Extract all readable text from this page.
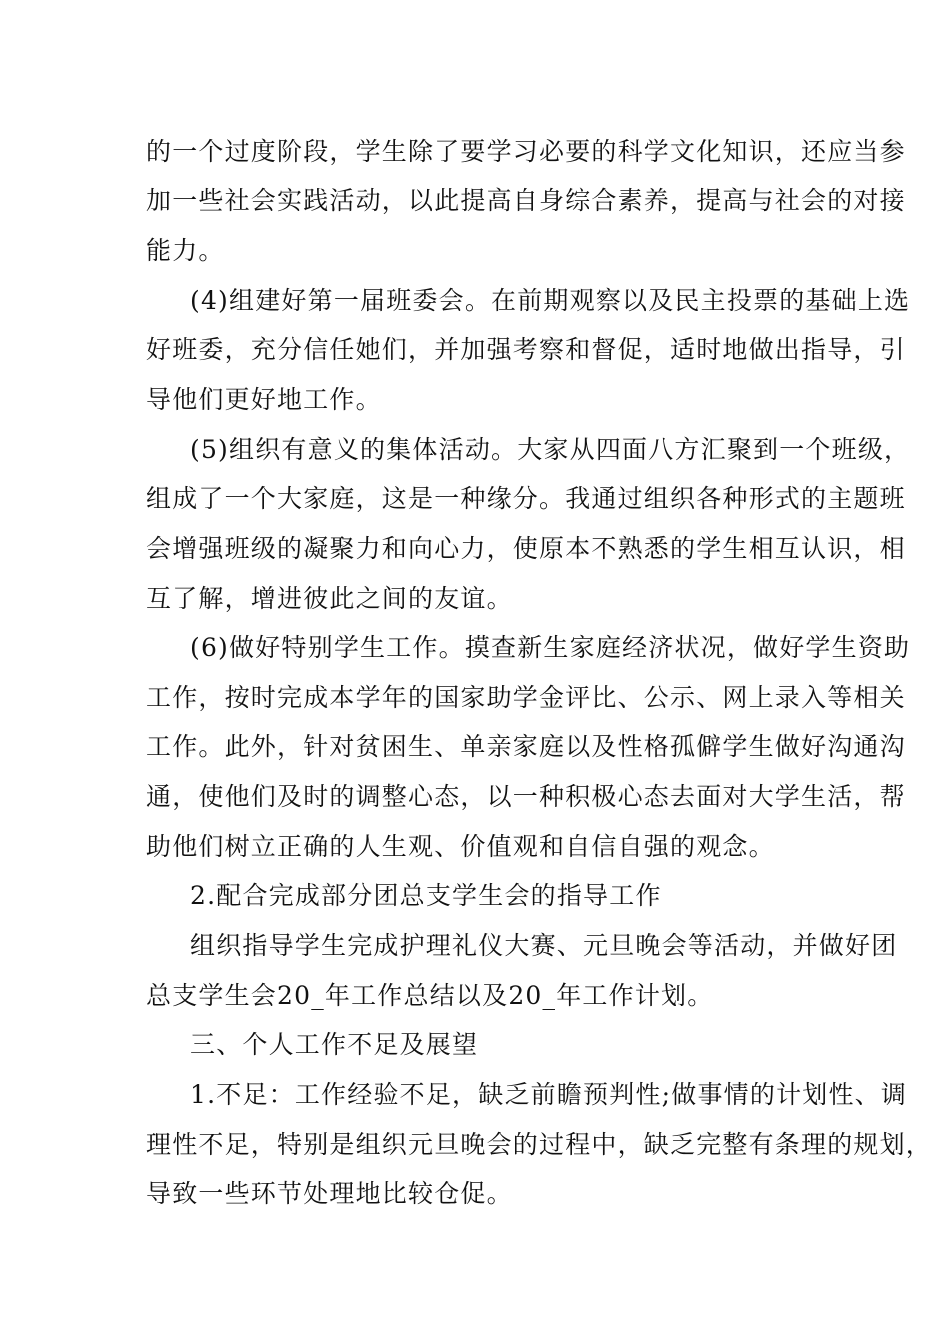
的一个过度阶段，学生除了要学习必要的科学文化知识，还应当参
加一些社会实践活动，以此提高自身综合素养，提高与社会的对接
能力。
(4)组建好第一届班委会。在前期观察以及民主投票的基础上选
好班委，充分信任她们，并加强考察和督促，适时地做出指导，引
导他们更好地工作。
(5)组织有意义的集体活动。大家从四面八方汇聚到一个班级，
组成了一个大家庭，这是一种缘分。我通过组织各种形式的主题班
会增强班级的凝聚力和向心力，使原本不熟悉的学生相互认识，相
互了解，增进彼此之间的友谊。
(6)做好特别学生工作。摸查新生家庭经济状况，做好学生资助
工作，按时完成本学年的国家助学金评比、公示、网上录入等相关
工作。此外，针对贫困生、单亲家庭以及性格孤僻学生做好沟通沟
通，使他们及时的调整心态，以一种积极心态去面对大学生活，帮
助他们树立正确的人生观、价值观和自信自强的观念。
2.配合完成部分团总支学生会的指导工作
组织指导学生完成护理礼仪大赛、元旦晚会等活动，并做好团
总支学生会20_年工作总结以及20_年工作计划。
三、个人工作不足及展望
1.不足：工作经验不足，缺乏前瞻预判性;做事情的计划性、调
理性不足，特别是组织元旦晚会的过程中，缺乏完整有条理的规划，
导致一些环节处理地比较仓促。
